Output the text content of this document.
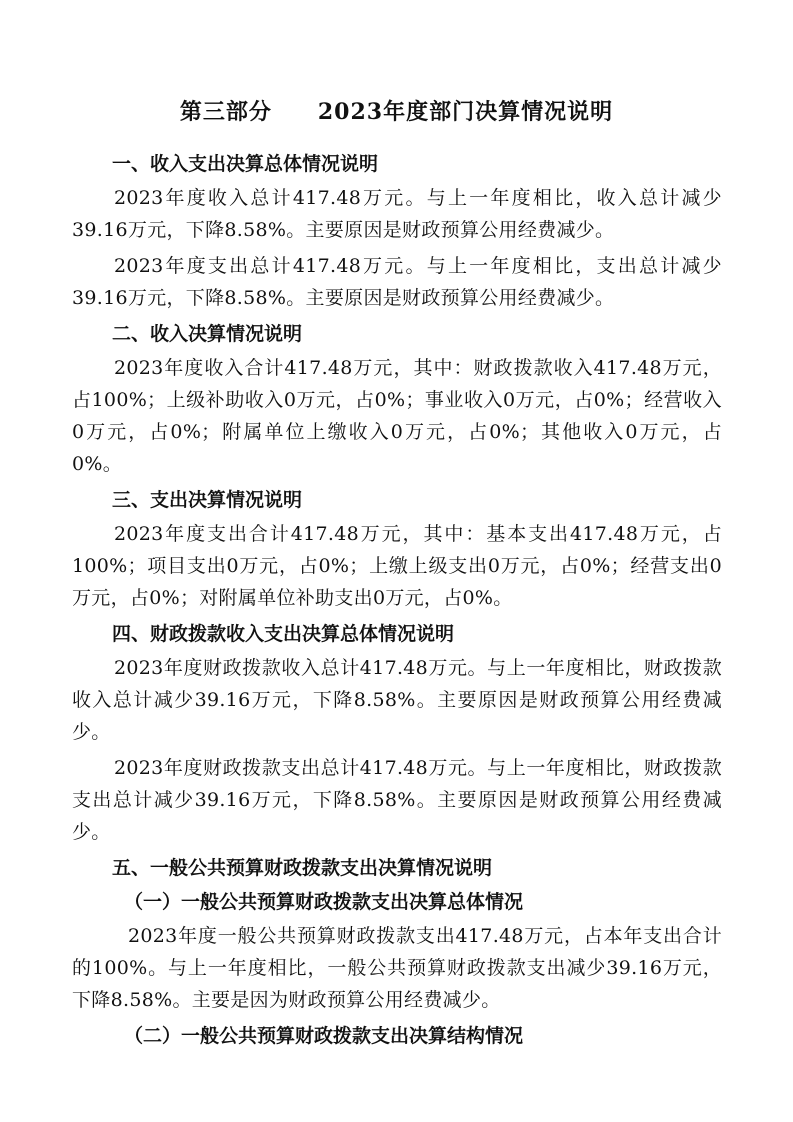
第三部分　　2023年度部门决算情况说明
一、收入支出决算总体情况说明
2023年度收入总计417.48万元。与上一年度相比，收入总计减少39.16万元，下降8.58%。主要原因是财政预算公用经费减少。
2023年度支出总计417.48万元。与上一年度相比，支出总计减少39.16万元，下降8.58%。主要原因是财政预算公用经费减少。
二、收入决算情况说明
2023年度收入合计417.48万元，其中：财政拨款收入417.48万元，占100%；上级补助收入0万元，占0%；事业收入0万元，占0%；经营收入0万元，占0%；附属单位上缴收入0万元，占0%；其他收入0万元，占0%。
三、支出决算情况说明
2023年度支出合计417.48万元，其中：基本支出417.48万元，占100%；项目支出0万元，占0%；上缴上级支出0万元，占0%；经营支出0万元，占0%；对附属单位补助支出0万元，占0%。
四、财政拨款收入支出决算总体情况说明
2023年度财政拨款收入总计417.48万元。与上一年度相比，财政拨款收入总计减少39.16万元，下降8.58%。主要原因是财政预算公用经费减少。
2023年度财政拨款支出总计417.48万元。与上一年度相比，财政拨款支出总计减少39.16万元，下降8.58%。主要原因是财政预算公用经费减少。
五、一般公共预算财政拨款支出决算情况说明
（一）一般公共预算财政拨款支出决算总体情况
2023年度一般公共预算财政拨款支出417.48万元，占本年支出合计的100%。与上一年度相比，一般公共预算财政拨款支出减少39.16万元，下降8.58%。主要是因为财政预算公用经费减少。
（二）一般公共预算财政拨款支出决算结构情况
